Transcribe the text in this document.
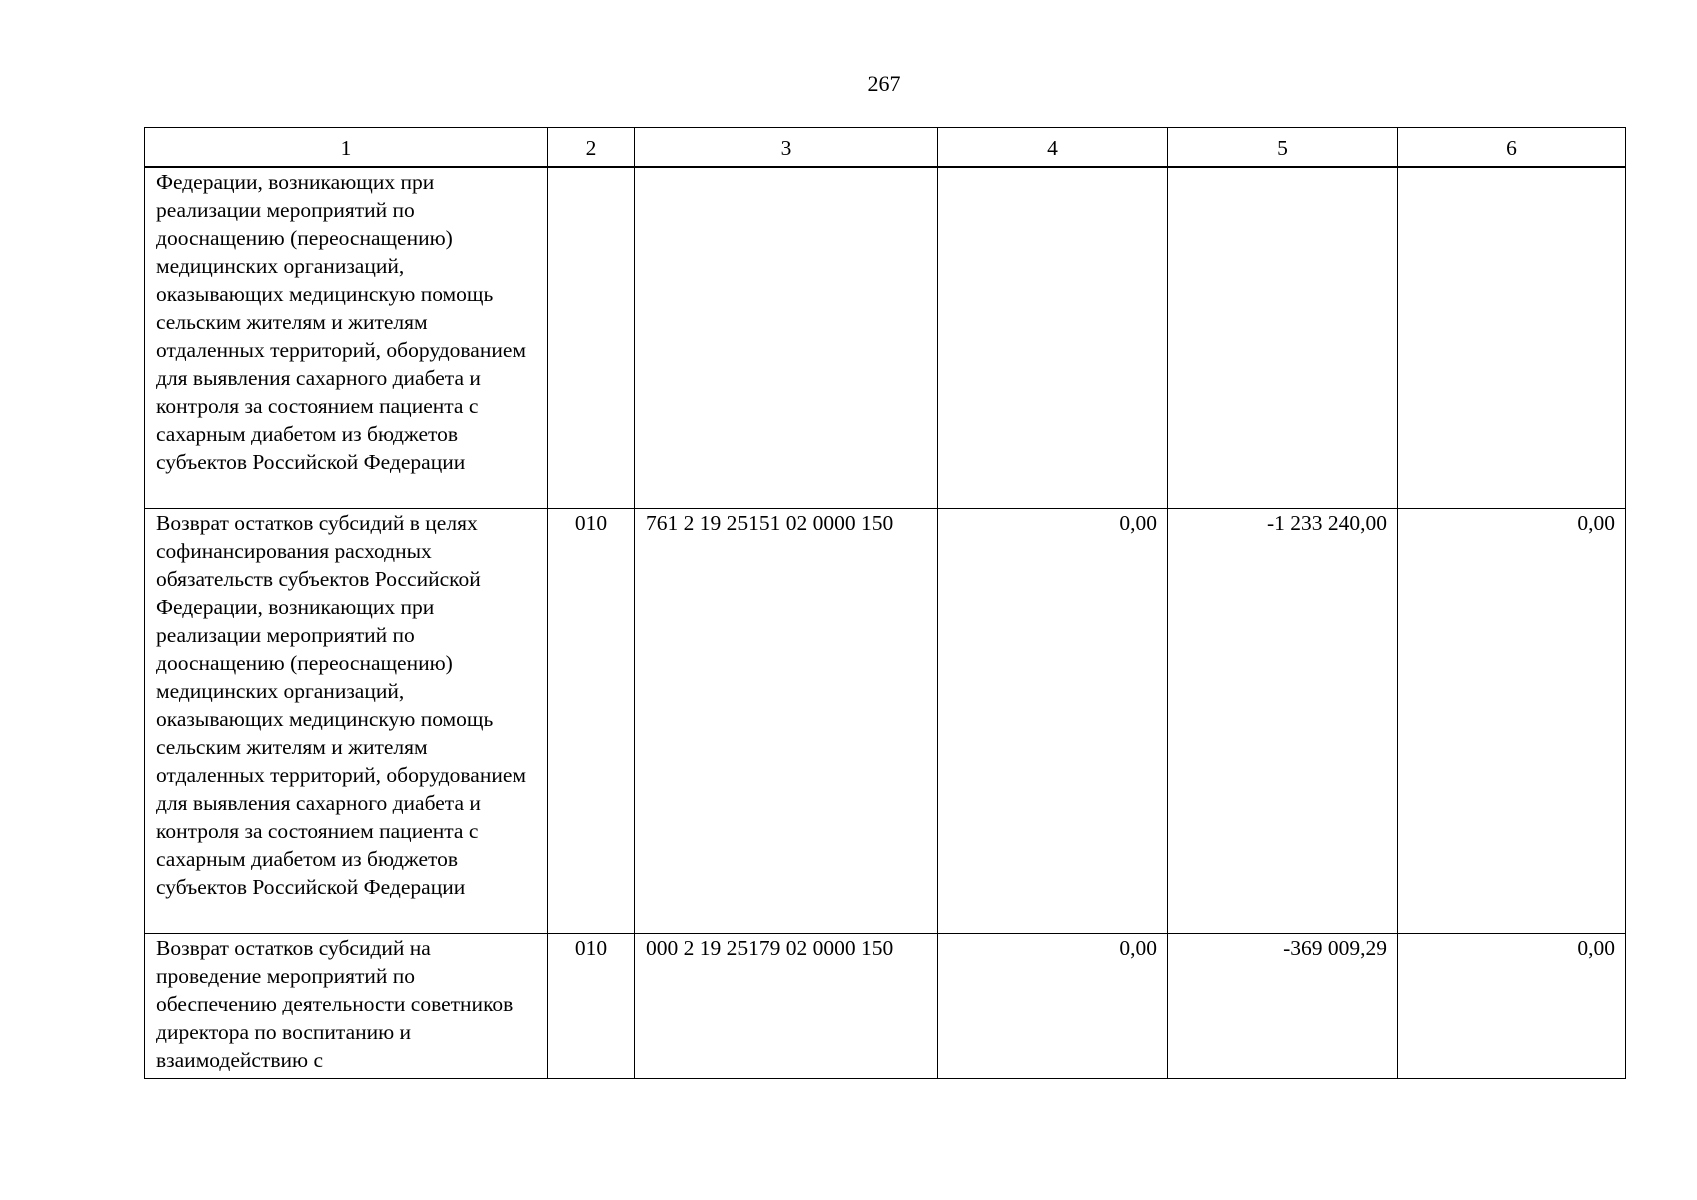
267
1	2	3	4	5	6
Федерации, возникающих при реализации мероприятий по дооснащению (переоснащению) медицинских организаций, оказывающих медицинскую помощь сельским жителям и жителям отдаленных территорий, оборудованием для выявления сахарного диабета и контроля за состоянием пациента с сахарным диабетом из бюджетов субъектов Российской Федерации					
Возврат остатков субсидий в целях софинансирования расходных обязательств субъектов Российской Федерации, возникающих при реализации мероприятий по дооснащению (переоснащению) медицинских организаций, оказывающих медицинскую помощь сельским жителям и жителям отдаленных территорий, оборудованием для выявления сахарного диабета и контроля за состоянием пациента с сахарным диабетом из бюджетов субъектов Российской Федерации	010	761 2 19 25151 02 0000 150	0,00	-1 233 240,00	0,00
Возврат остатков субсидий на проведение мероприятий по обеспечению деятельности советников директора по воспитанию и взаимодействию с	010	000 2 19 25179 02 0000 150	0,00	-369 009,29	0,00
